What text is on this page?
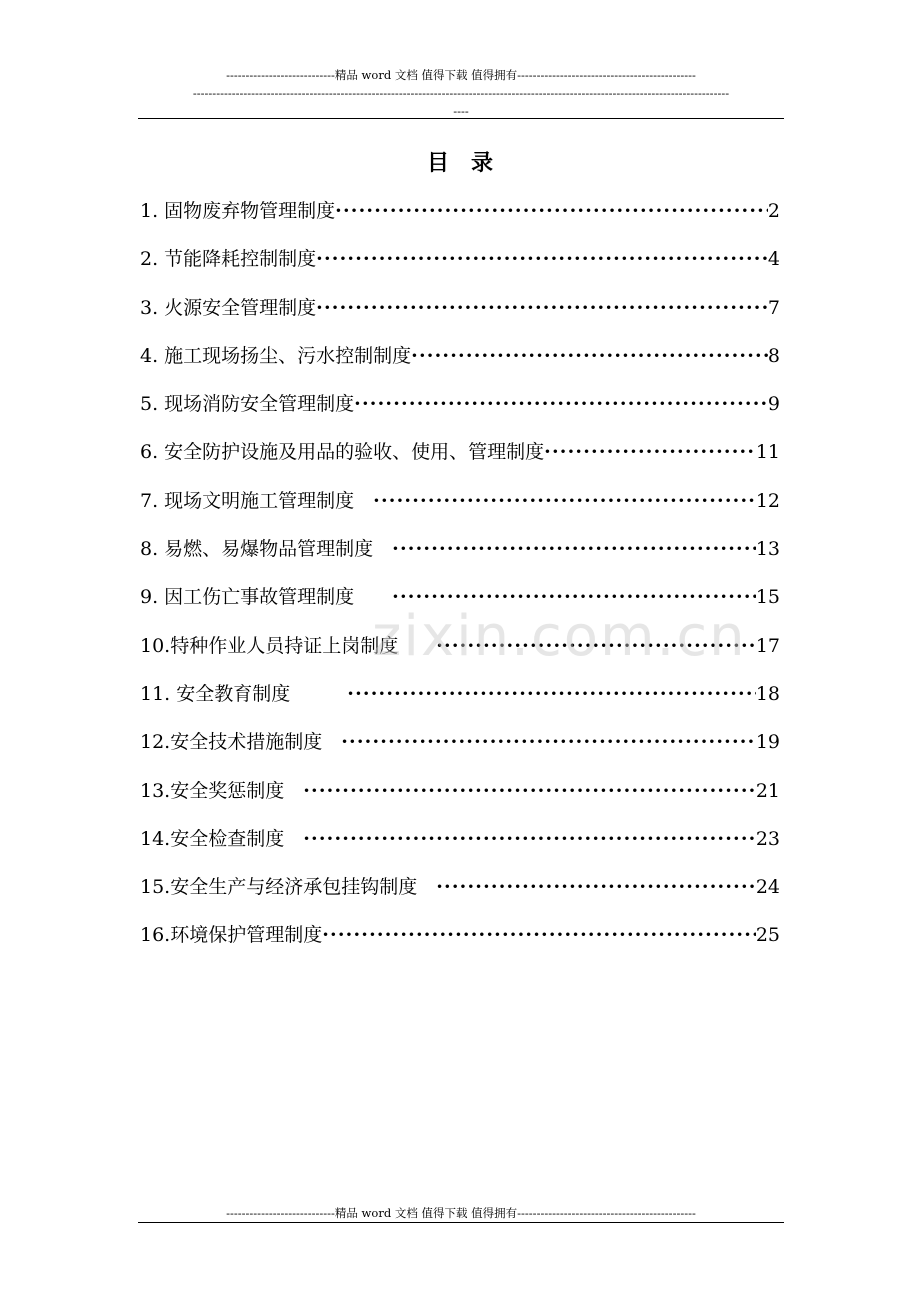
----------------------------精品 word 文档 值得下载 值得拥有----------------------------------------------
------------------------------------------------------------------------------------------------------------------------------------------
----
目　录
1. 固物废弃物管理制度 ·····	2
2. 节能降耗控制制度 ·····	4
3. 火源安全管理制度 ·····	7
4. 施工现场扬尘、污水控制制度 ·····	8
5. 现场消防安全管理制度 ·····	9
6. 安全防护设施及用品的验收、使用、管理制度 ·····	11
7. 现场文明施工管理制度　 ·····	12
8. 易燃、易爆物品管理制度　 ·····	13
9. 因工伤亡事故管理制度　　 ·····	15
10.特种作业人员持证上岗制度　　 ·····	17
11. 安全教育制度　　　 ·····	18
12.安全技术措施制度　 ·····	19
13.安全奖惩制度　 ·····	21
14.安全检查制度　 ·····	23
15.安全生产与经济承包挂钩制度　 ·····	24
16.环境保护管理制度 ·····	25
zixin.com.cn
----------------------------精品 word 文档 值得下载 值得拥有----------------------------------------------
